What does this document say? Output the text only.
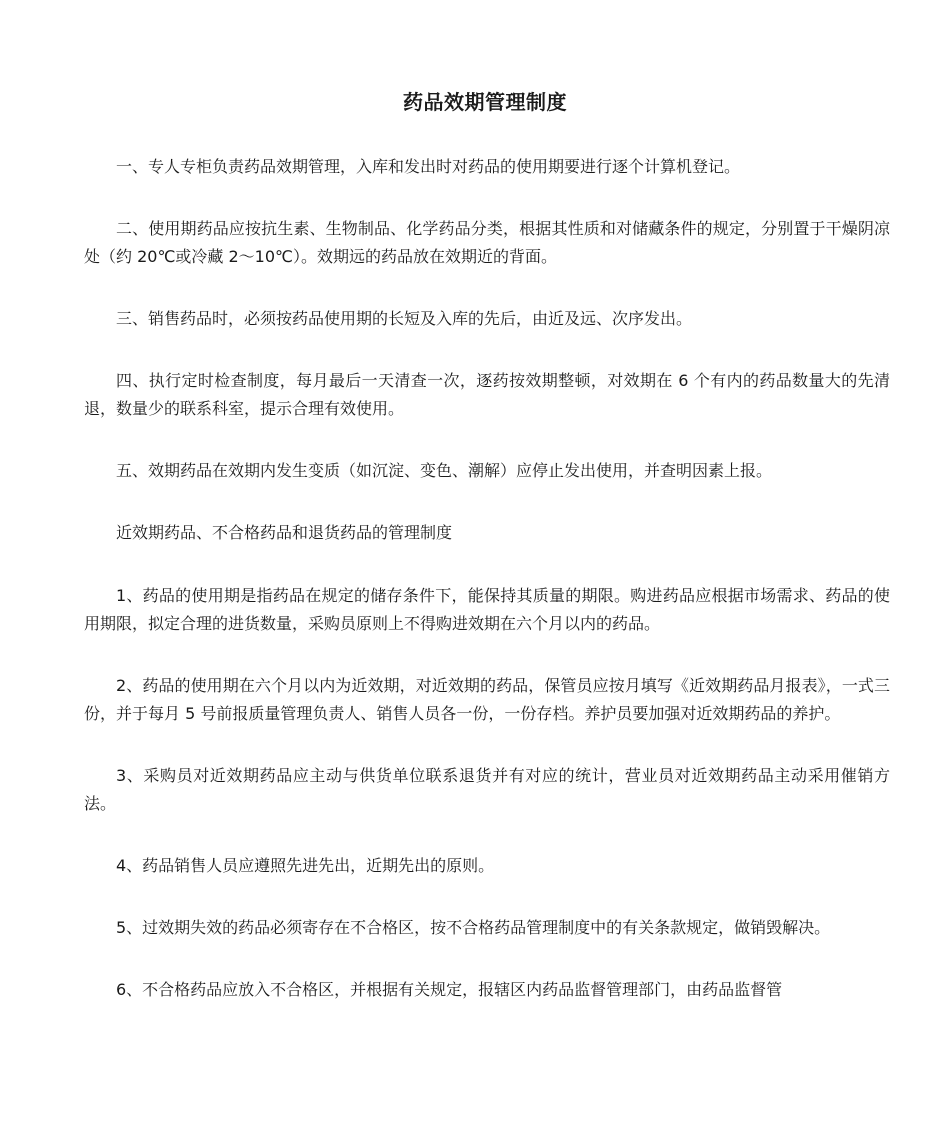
药品效期管理制度

一、专人专柜负责药品效期管理，入库和发出时对药品的使用期要进行逐个计算机登记。

二、使用期药品应按抗生素、生物制品、化学药品分类，根据其性质和对储藏条件的规定，分别置于干燥阴凉处（约 20℃或冷藏 2～10℃）。效期远的药品放在效期近的背面。

三、销售药品时，必须按药品使用期的长短及入库的先后，由近及远、次序发出。

四、执行定时检查制度，每月最后一天清查一次，逐药按效期整顿，对效期在 6 个有内的药品数量大的先清退，数量少的联系科室，提示合理有效使用。

五、效期药品在效期内发生变质（如沉淀、变色、潮解）应停止发出使用，并查明因素上报。

近效期药品、不合格药品和退货药品的管理制度

1、药品的使用期是指药品在规定的储存条件下，能保持其质量的期限。购进药品应根据市场需求、药品的使用期限，拟定合理的进货数量，采购员原则上不得购进效期在六个月以内的药品。

2、药品的使用期在六个月以内为近效期，对近效期的药品，保管员应按月填写《近效期药品月报表》，一式三份，并于每月 5 号前报质量管理负责人、销售人员各一份，一份存档。养护员要加强对近效期药品的养护。

3、采购员对近效期药品应主动与供货单位联系退货并有对应的统计，营业员对近效期药品主动采用催销方法。

4、药品销售人员应遵照先进先出，近期先出的原则。

5、过效期失效的药品必须寄存在不合格区，按不合格药品管理制度中的有关条款规定，做销毁解决。

6、不合格药品应放入不合格区，并根据有关规定，报辖区内药品监督管理部门，由药品监督管
